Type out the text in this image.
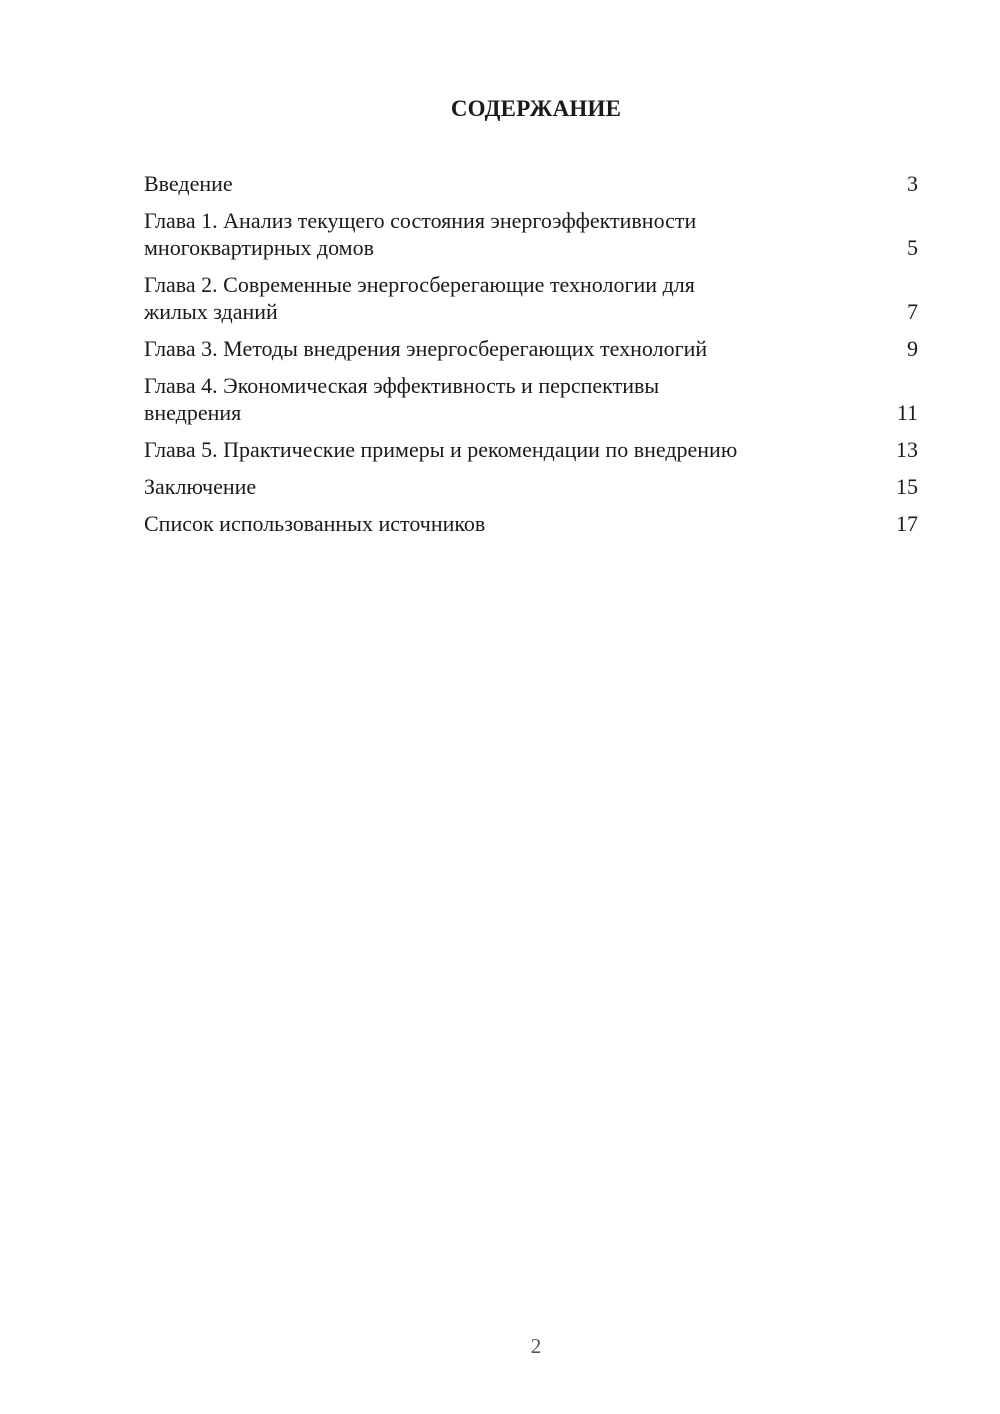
СОДЕРЖАНИЕ
Введение	3
Глава 1. Анализ текущего состояния энергоэффективности
многоквартирных домов	5
Глава 2. Современные энергосберегающие технологии для
жилых зданий	7
Глава 3. Методы внедрения энергосберегающих технологий	9
Глава 4. Экономическая эффективность и перспективы
внедрения	11
Глава 5. Практические примеры и рекомендации по внедрению	13
Заключение	15
Список использованных источников	17
2
